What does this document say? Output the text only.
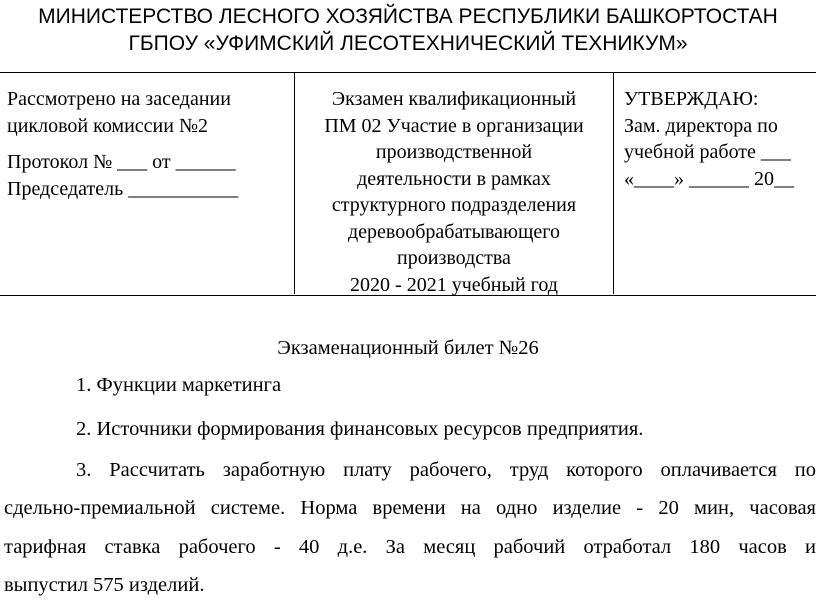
МИНИСТЕРСТВО ЛЕСНОГО ХОЗЯЙСТВА РЕСПУБЛИКИ БАШКОРТОСТАН
ГБПОУ «УФИМСКИЙ ЛЕСОТЕХНИЧЕСКИЙ ТЕХНИКУМ»
Рассмотрено на заседании
цикловой комиссии №2
Протокол № ___ от ______
Председатель ___________
Экзамен квалификационный
ПМ 02 Участие в организации
производственной
деятельности в рамках
структурного подразделения
деревообрабатывающего
производства
2020 - 2021 учебный год
УТВЕРЖДАЮ:
Зам. директора по
учебной работе ___
«____» ______ 20__
Экзаменационный билет №26
1. Функции маркетинга
2. Источники формирования финансовых ресурсов предприятия.
3. Рассчитать заработную плату рабочего, труд которого оплачивается по
сдельно-премиальной системе. Норма времени на одно изделие - 20 мин, часовая
тарифная ставка рабочего - 40 д.е. За месяц рабочий отработал 180 часов и
выпустил 575 изделий.
